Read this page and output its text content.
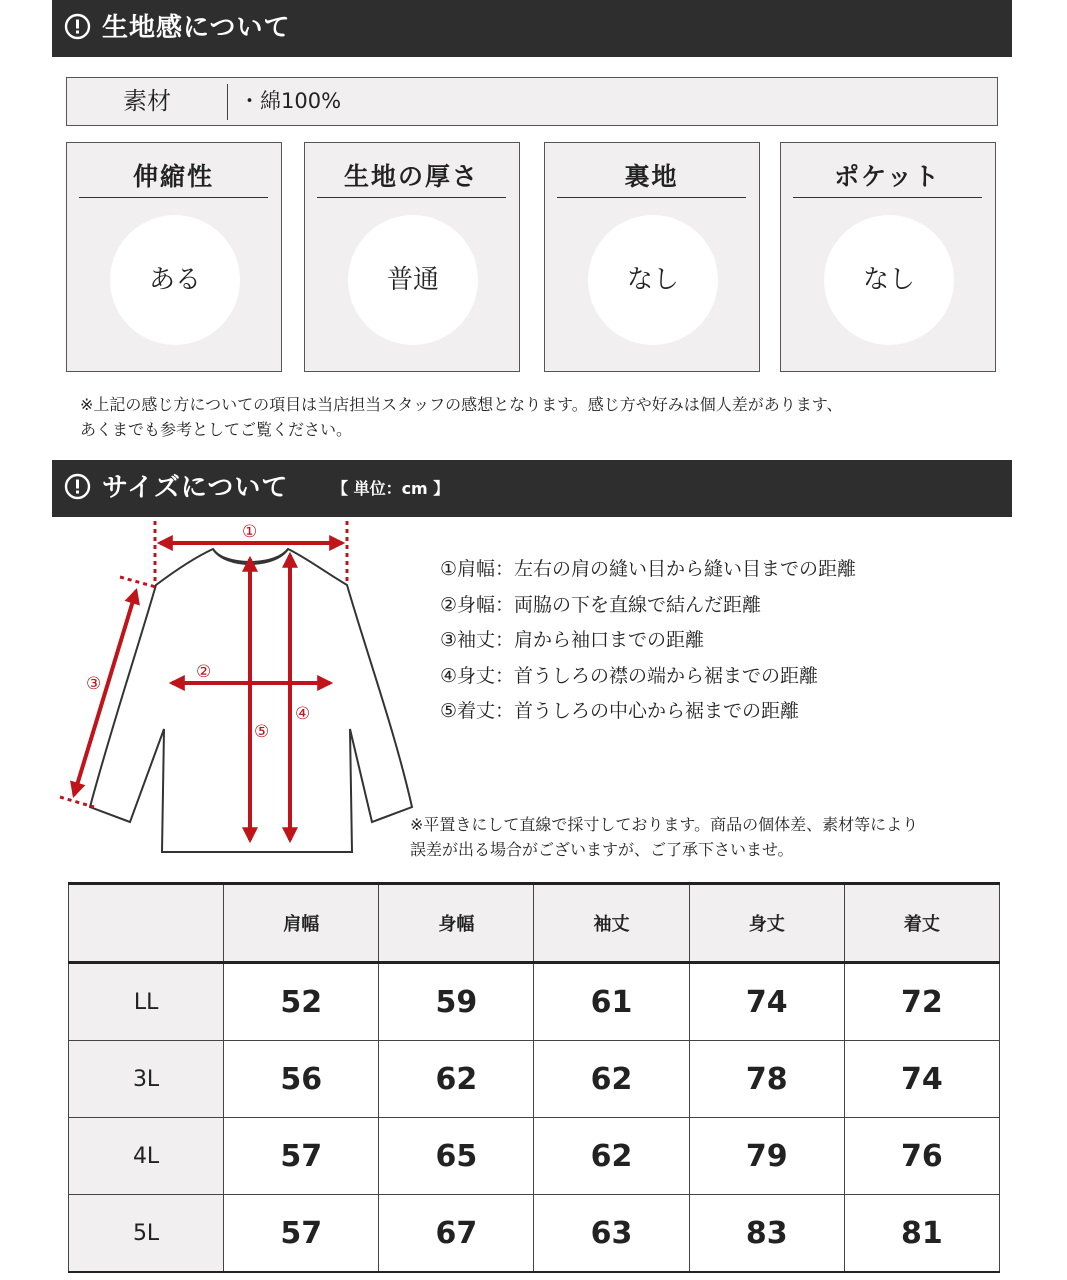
生地感について
素材	・綿100%
伸縮性
ある
生地の厚さ
普通
裏地
なし
ポケット
なし
※上記の感じ方についての項目は当店担当スタッフの感想となります。感じ方や好みは個人差があります、
あくまでも参考としてご覧ください。
サイズについて	【 単位：cm 】
①
②
③
④
⑤
①肩幅：左右の肩の縫い目から縫い目までの距離
②身幅：両脇の下を直線で結んだ距離
③袖丈：肩から袖口までの距離
④身丈：首うしろの襟の端から裾までの距離
⑤着丈：首うしろの中心から裾までの距離
※平置きにして直線で採寸しております。商品の個体差、素材等により
誤差が出る場合がございますが、ご了承下さいませ。
	肩幅	身幅	袖丈	身丈	着丈
LL	52	59	61	74	72
3L	56	62	62	78	74
4L	57	65	62	79	76
5L	57	67	63	83	81
